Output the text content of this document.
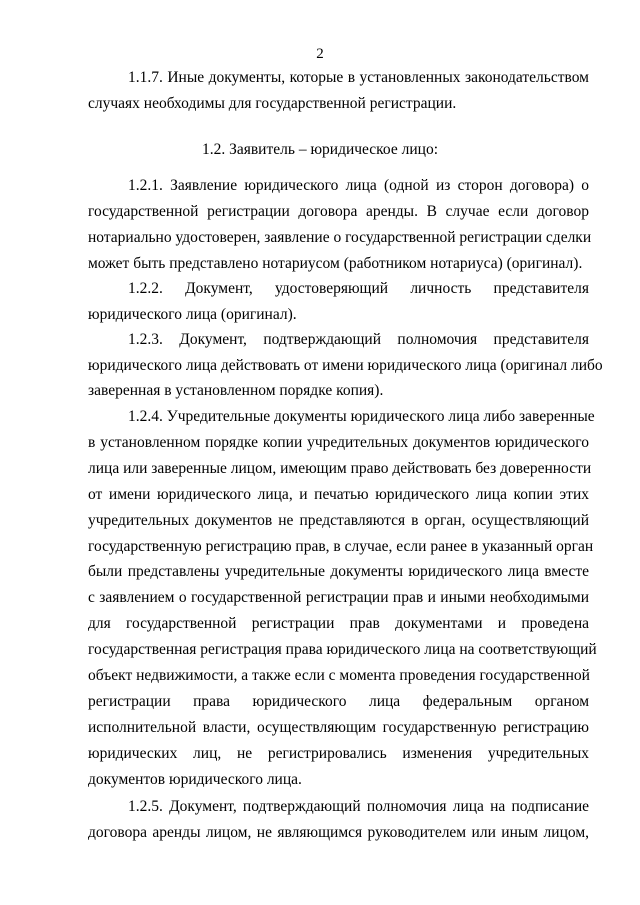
2
1.1.7. Иные документы, которые в установленных законодательством
случаях необходимы для государственной регистрации.
1.2. Заявитель – юридическое лицо:
1.2.1. Заявление юридического лица (одной из сторон договора) о
государственной регистрации договора аренды. В случае если договор
нотариально удостоверен, заявление о государственной регистрации сделки
может быть представлено нотариусом (работником нотариуса) (оригинал).
1.2.2. Документ, удостоверяющий личность представителя
юридического лица (оригинал).
1.2.3. Документ, подтверждающий полномочия представителя
юридического лица действовать от имени юридического лица (оригинал либо
заверенная в установленном порядке копия).
1.2.4. Учредительные документы юридического лица либо заверенные
в установленном порядке копии учредительных документов юридического
лица или заверенные лицом, имеющим право действовать без доверенности
от имени юридического лица, и печатью юридического лица копии этих
учредительных документов не представляются в орган, осуществляющий
государственную регистрацию прав, в случае, если ранее в указанный орган
были представлены учредительные документы юридического лица вместе
с заявлением о государственной регистрации прав и иными необходимыми
для государственной регистрации прав документами и проведена
государственная регистрация права юридического лица на соответствующий
объект недвижимости, а также если с момента проведения государственной
регистрации права юридического лица федеральным органом
исполнительной власти, осуществляющим государственную регистрацию
юридических лиц, не регистрировались изменения учредительных
документов юридического лица.
1.2.5. Документ, подтверждающий полномочия лица на подписание
договора аренды лицом, не являющимся руководителем или иным лицом,
